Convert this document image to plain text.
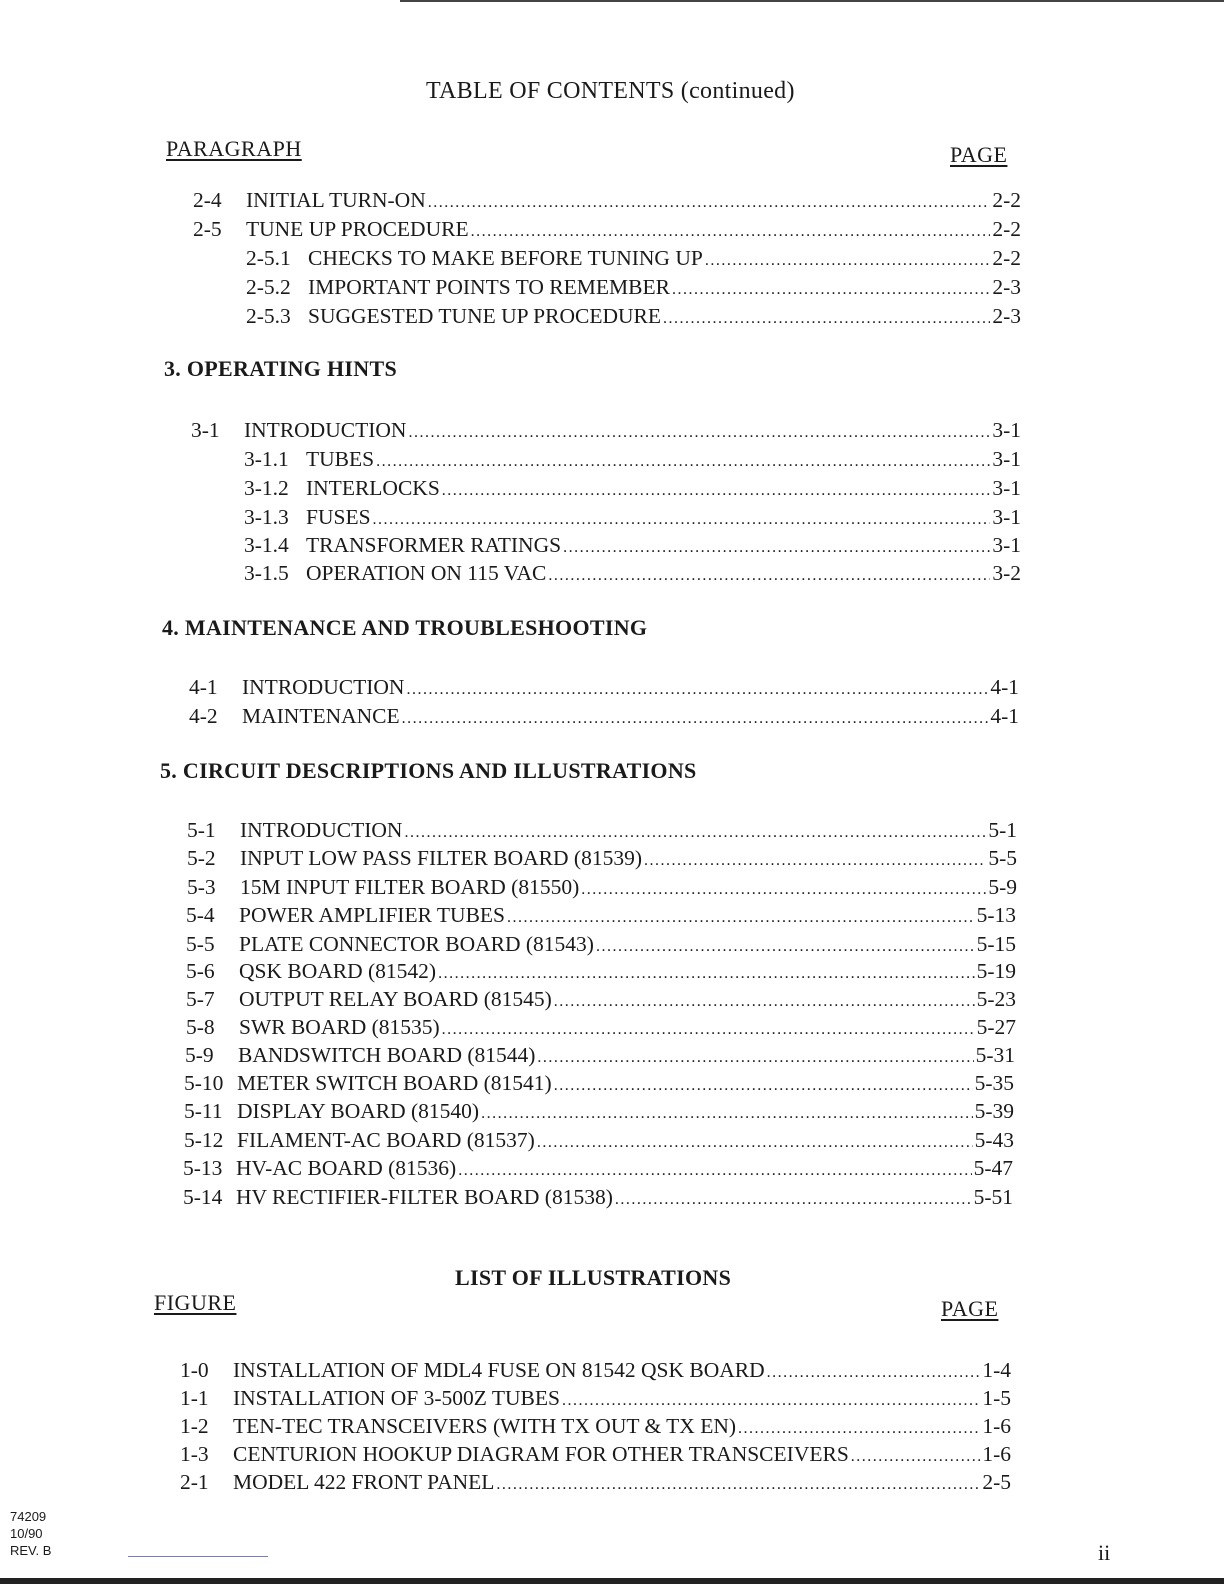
TABLE OF CONTENTS (continued)
PARAGRAPH	PAGE
2-4	INITIAL TURN-ON .....	2-2
2-5	TUNE UP PROCEDURE .....	2-2
2-5.1 CHECKS TO MAKE BEFORE TUNING UP .....	2-2
2-5.2 IMPORTANT POINTS TO REMEMBER .....	2-3
2-5.3 SUGGESTED TUNE UP PROCEDURE .....	2-3
3. OPERATING HINTS
3-1	INTRODUCTION .....	3-1
3-1.1 TUBES .....	3-1
3-1.2 INTERLOCKS .....	3-1
3-1.3 FUSES .....	3-1
3-1.4 TRANSFORMER RATINGS .....	3-1
3-1.5 OPERATION ON 115 VAC .....	3-2
4. MAINTENANCE AND TROUBLESHOOTING
4-1	INTRODUCTION .....	4-1
4-2	MAINTENANCE .....	4-1
5. CIRCUIT DESCRIPTIONS AND ILLUSTRATIONS
5-1	INTRODUCTION .....	5-1
5-2	INPUT LOW PASS FILTER BOARD (81539) .....	5-5
5-3	15M INPUT FILTER BOARD (81550) .....	5-9
5-4	POWER AMPLIFIER TUBES .....	5-13
5-5	PLATE CONNECTOR BOARD (81543) .....	5-15
5-6	QSK BOARD (81542) .....	5-19
5-7	OUTPUT RELAY BOARD (81545) .....	5-23
5-8	SWR BOARD (81535) .....	5-27
5-9	BANDSWITCH BOARD (81544) .....	5-31
5-10 METER SWITCH BOARD (81541) .....	5-35
5-11 DISPLAY BOARD (81540) .....	5-39
5-12 FILAMENT-AC BOARD (81537) .....	5-43
5-13 HV-AC BOARD (81536) .....	5-47
5-14 HV RECTIFIER-FILTER BOARD (81538) .....	5-51
LIST OF ILLUSTRATIONS
FIGURE	PAGE
1-0	INSTALLATION OF MDL4 FUSE ON 81542 QSK BOARD .....	1-4
1-1	INSTALLATION OF 3-500Z TUBES .....	1-5
1-2	TEN-TEC TRANSCEIVERS (WITH TX OUT & TX EN) .....	1-6
1-3	CENTURION HOOKUP DIAGRAM FOR OTHER TRANSCEIVERS .....	1-6
2-1	MODEL 422 FRONT PANEL .....	2-5
74209
10/90
REV. B	ii
